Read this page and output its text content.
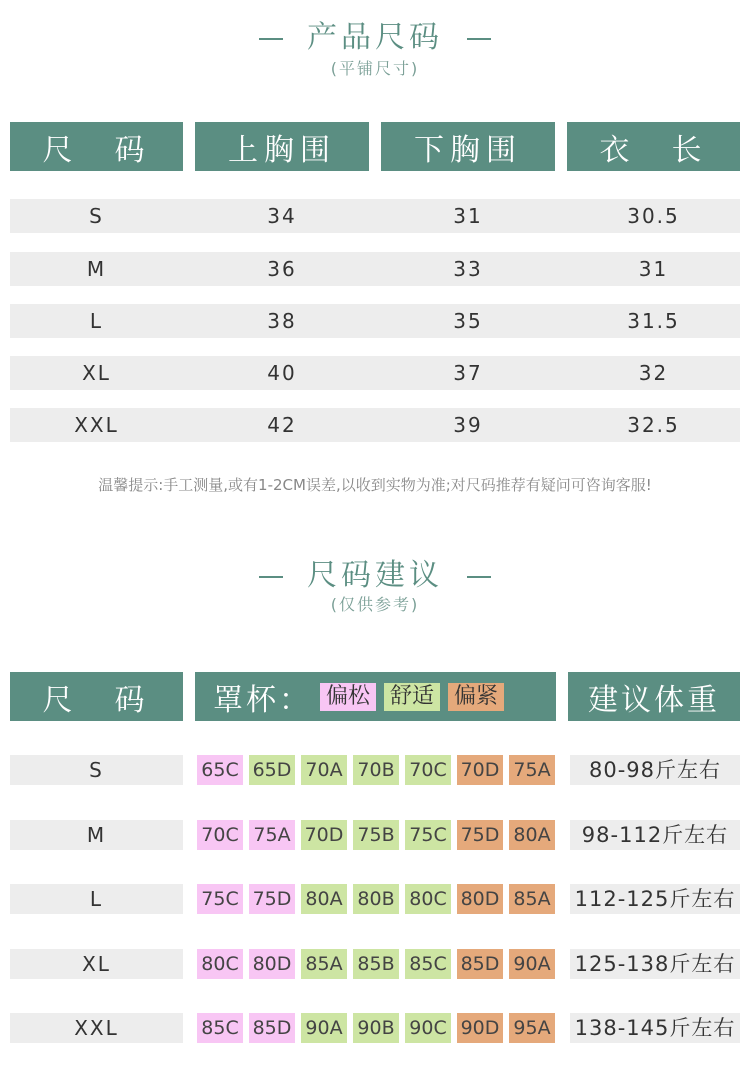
产品尺码
(平铺尺寸)
尺　码	上胸围	下胸围	衣　长
S	34	31	30.5
M	36	33	31
L	38	35	31.5
XL	40	37	32
XXL	42	39	32.5
温馨提示:手工测量,或有1-2CM误差,以收到实物为准;对尺码推荐有疑问可咨询客服!
尺码建议
(仅供参考)
尺　码	罩杯： 偏松 舒适 偏紧	建议体重
S	65C 65D 70A 70B 70C 70D 75A	80-98斤左右
M	70C 75A 70D 75B 75C 75D 80A	98-112斤左右
L	75C 75D 80A 80B 80C 80D 85A	112-125斤左右
XL	80C 80D 85A 85B 85C 85D 90A	125-138斤左右
XXL	85C 85D 90A 90B 90C 90D 95A	138-145斤左右
